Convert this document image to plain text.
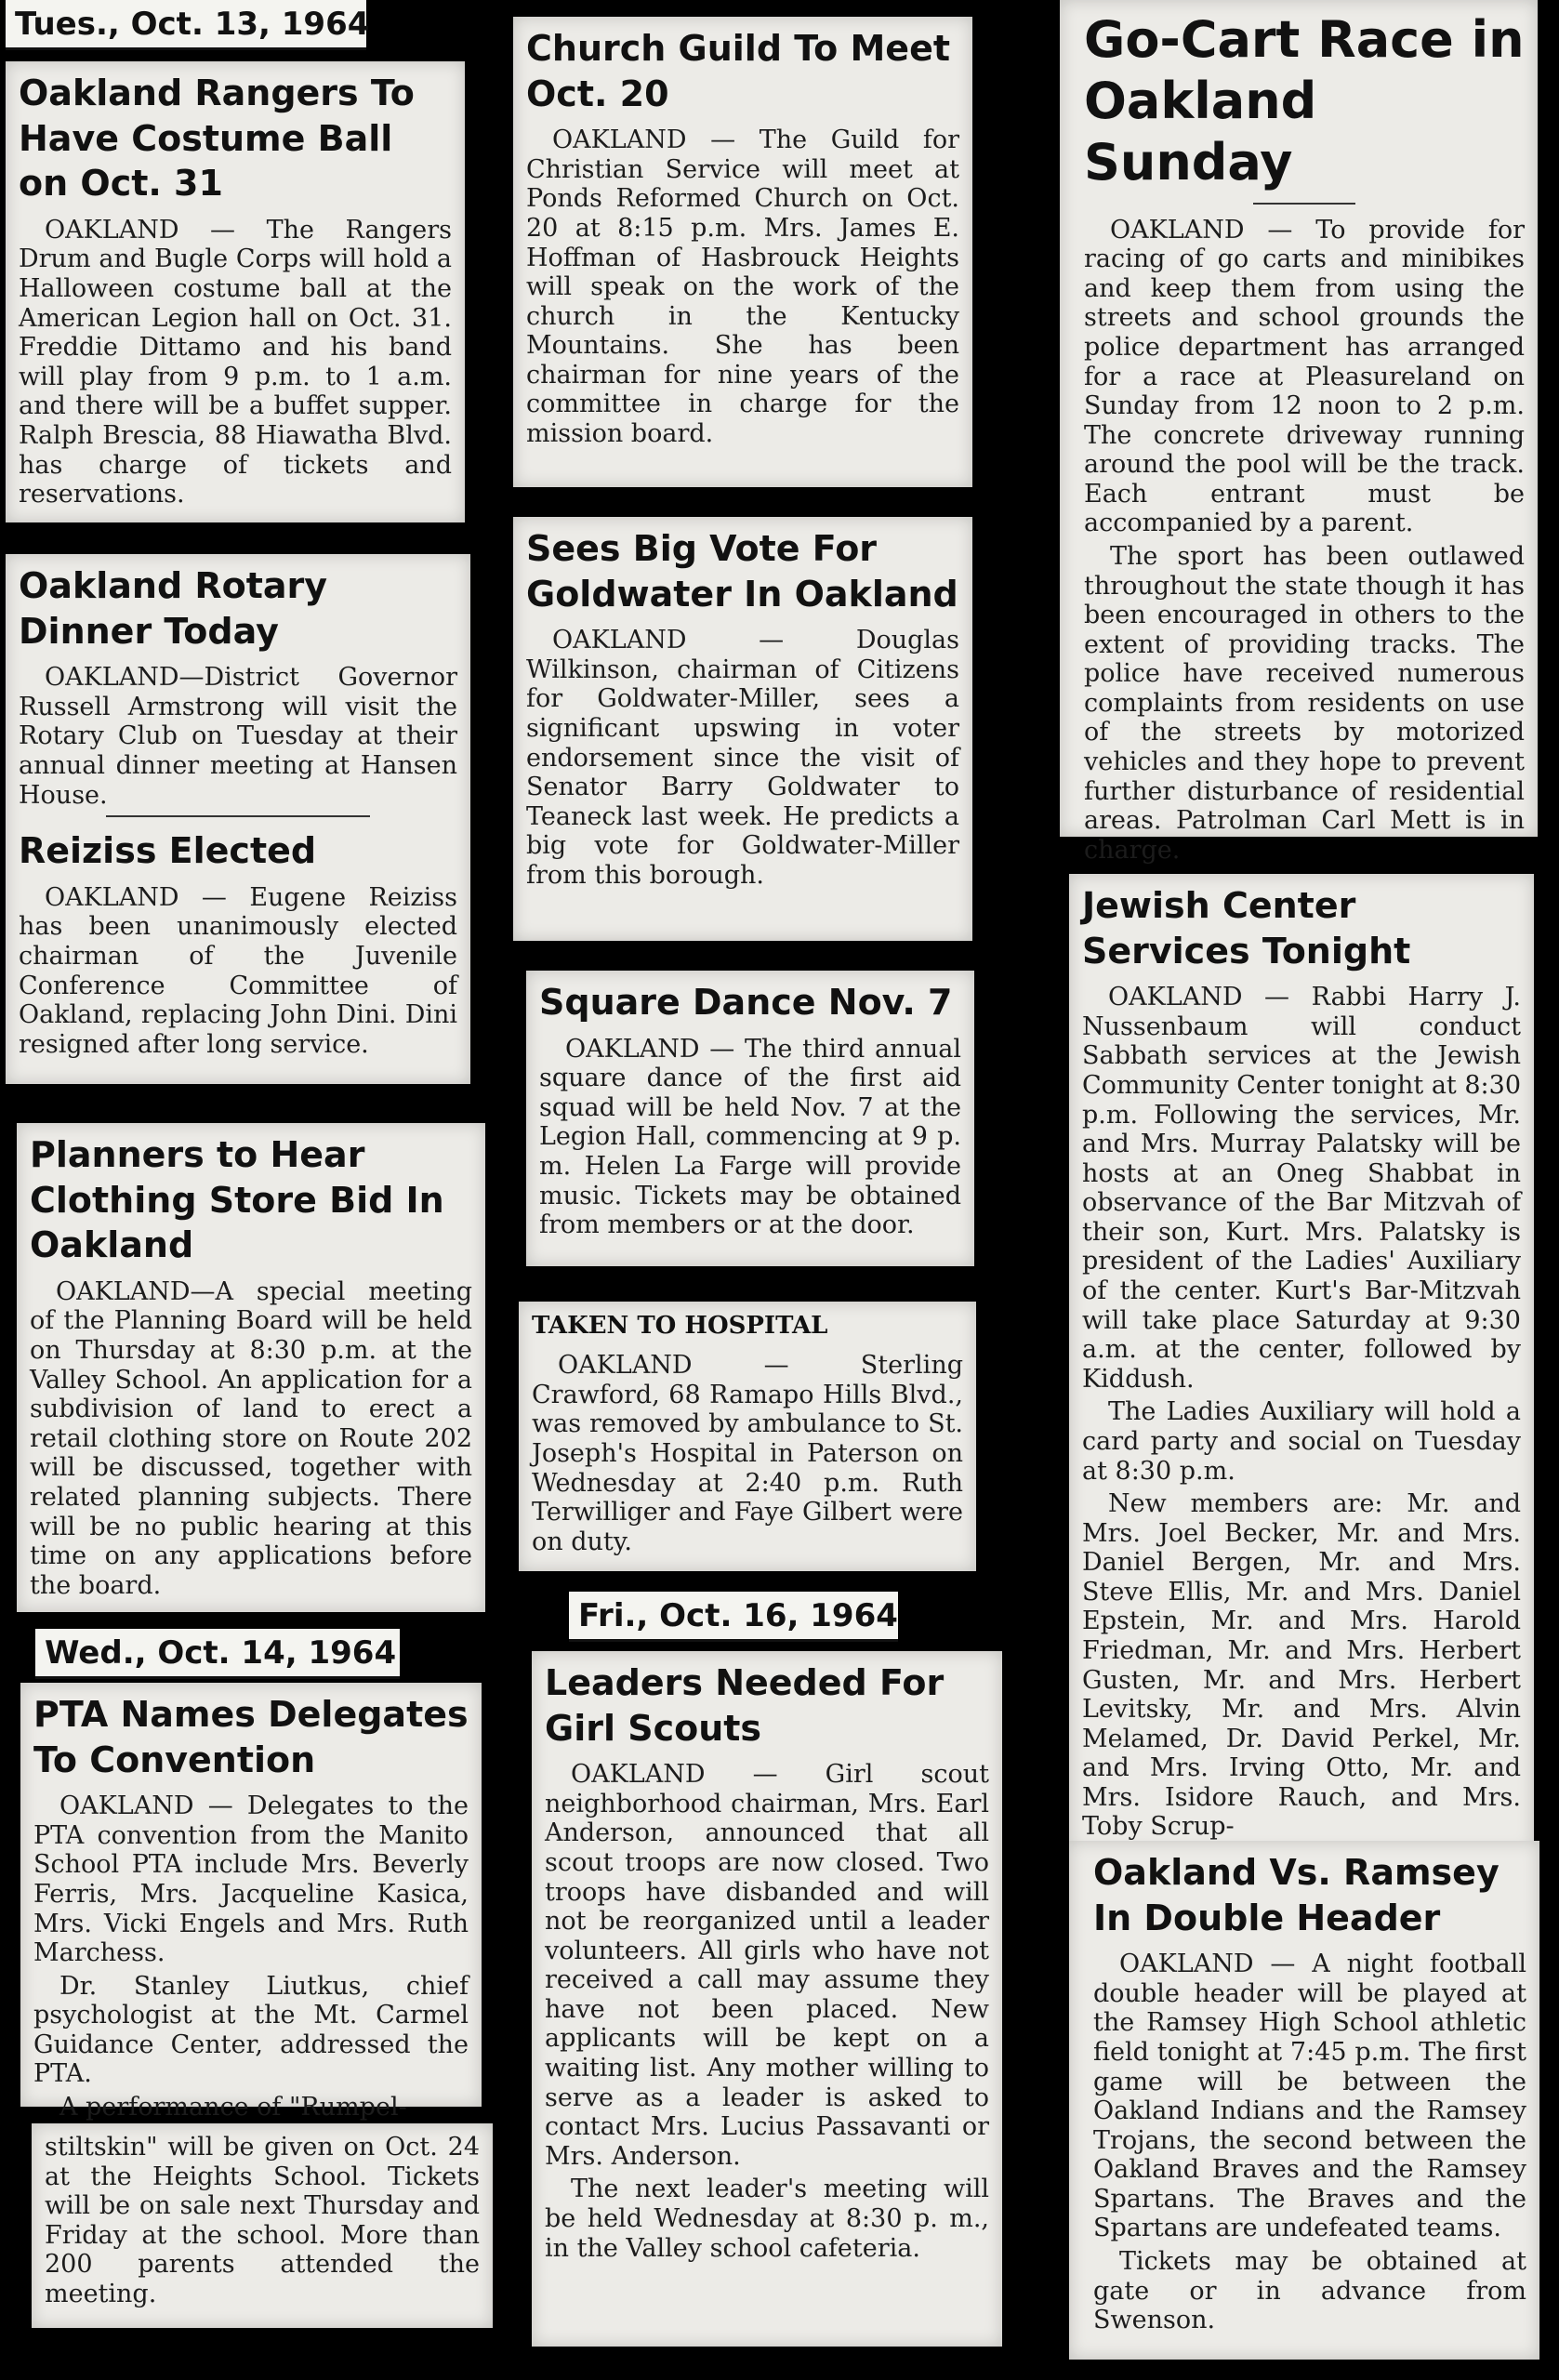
Tues., Oct. 13, 1964
Wed., Oct. 14, 1964
Fri., Oct. 16, 1964
Oakland Rangers To Have Costume Ball on Oct. 31

OAKLAND — The Rangers Drum and Bugle Corps will hold a Halloween costume ball at the American Legion hall on Oct. 31. Freddie Dittamo and his band will play from 9 p.m. to 1 a.m. and there will be a buffet supper. Ralph Brescia, 88 Hiawatha Blvd. has charge of tickets and reservations.

Oakland Rotary Dinner Today

OAKLAND—District Governor Russell Armstrong will visit the Rotary Club on Tuesday at their annual dinner meeting at Hansen House.

Reiziss Elected

OAKLAND — Eugene Reiziss has been unanimously elected chairman of the Juvenile Conference Committee of Oakland, replacing John Dini. Dini resigned after long service.

Planners to Hear Clothing Store Bid In Oakland

OAKLAND—A special meeting of the Planning Board will be held on Thursday at 8:30 p.m. at the Valley School. An application for a subdivision of land to erect a retail clothing store on Route 202 will be discussed, together with related planning subjects. There will be no public hearing at this time on any applications before the board.

PTA Names Delegates To Convention

OAKLAND — Delegates to the PTA convention from the Manito School PTA include Mrs. Beverly Ferris, Mrs. Jacqueline Kasica, Mrs. Vicki Engels and Mrs. Ruth Marchess.

Dr. Stanley Liutkus, chief psychologist at the Mt. Carmel Guidance Center, addressed the PTA.

A performance of "Rumpel-

stiltskin" will be given on Oct. 24 at the Heights School. Tickets will be on sale next Thursday and Friday at the school. More than 200 parents attended the meeting.

Church Guild To Meet Oct. 20

OAKLAND — The Guild for Christian Service will meet at Ponds Reformed Church on Oct. 20 at 8:15 p.m. Mrs. James E. Hoffman of Hasbrouck Heights will speak on the work of the church in the Kentucky Mountains. She has been chairman for nine years of the committee in charge for the mission board.

Sees Big Vote For Goldwater In Oakland

OAKLAND — Douglas Wilkinson, chairman of Citizens for Goldwater-Miller, sees a significant upswing in voter endorsement since the visit of Senator Barry Goldwater to Teaneck last week. He predicts a big vote for Goldwater-Miller from this borough.

Square Dance Nov. 7

OAKLAND — The third annual square dance of the first aid squad will be held Nov. 7 at the Legion Hall, commencing at 9 p. m. Helen La Farge will provide music. Tickets may be obtained from members or at the door.

TAKEN TO HOSPITAL

OAKLAND — Sterling Crawford, 68 Ramapo Hills Blvd., was removed by ambulance to St. Joseph's Hospital in Paterson on Wednesday at 2:40 p.m. Ruth Terwilliger and Faye Gilbert were on duty.

Leaders Needed For Girl Scouts

OAKLAND — Girl scout neighborhood chairman, Mrs. Earl Anderson, announced that all scout troops are now closed. Two troops have disbanded and will not be reorganized until a leader volunteers. All girls who have not received a call may assume they have not been placed. New applicants will be kept on a waiting list. Any mother willing to serve as a leader is asked to contact Mrs. Lucius Passavanti or Mrs. Anderson.

The next leader's meeting will be held Wednesday at 8:30 p. m., in the Valley school cafeteria.

Go-Cart Race in Oakland Sunday

OAKLAND — To provide for racing of go carts and minibikes and keep them from using the streets and school grounds the police department has arranged for a race at Pleasureland on Sunday from 12 noon to 2 p.m. The concrete driveway running around the pool will be the track. Each entrant must be accompanied by a parent.

The sport has been outlawed throughout the state though it has been encouraged in others to the extent of providing tracks. The police have received numerous complaints from residents on use of the streets by motorized vehicles and they hope to prevent further disturbance of residential areas. Patrolman Carl Mett is in charge.

Jewish Center Services Tonight

OAKLAND — Rabbi Harry J. Nussenbaum will conduct Sabbath services at the Jewish Community Center tonight at 8:30 p.m. Following the services, Mr. and Mrs. Murray Palatsky will be hosts at an Oneg Shabbat in observance of the Bar Mitzvah of their son, Kurt. Mrs. Palatsky is president of the Ladies' Auxiliary of the center. Kurt's Bar-Mitzvah will take place Saturday at 9:30 a.m. at the center, followed by Kiddush.

The Ladies Auxiliary will hold a card party and social on Tuesday at 8:30 p.m.

New members are: Mr. and Mrs. Joel Becker, Mr. and Mrs. Daniel Bergen, Mr. and Mrs. Steve Ellis, Mr. and Mrs. Daniel Epstein, Mr. and Mrs. Harold Friedman, Mr. and Mrs. Herbert Gusten, Mr. and Mrs. Herbert Levitsky, Mr. and Mrs. Alvin Melamed, Dr. David Perkel, Mr. and Mrs. Irving Otto, Mr. and Mrs. Isidore Rauch, and Mrs. Toby Scrup-

Oakland Vs. Ramsey In Double Header

OAKLAND — A night football double header will be played at the Ramsey High School athletic field tonight at 7:45 p.m. The first game will be between the Oakland Indians and the Ramsey Trojans, the second between the Oakland Braves and the Ramsey Spartans. The Braves and the Spartans are undefeated teams.

Tickets may be obtained at gate or in advance from Swenson.
